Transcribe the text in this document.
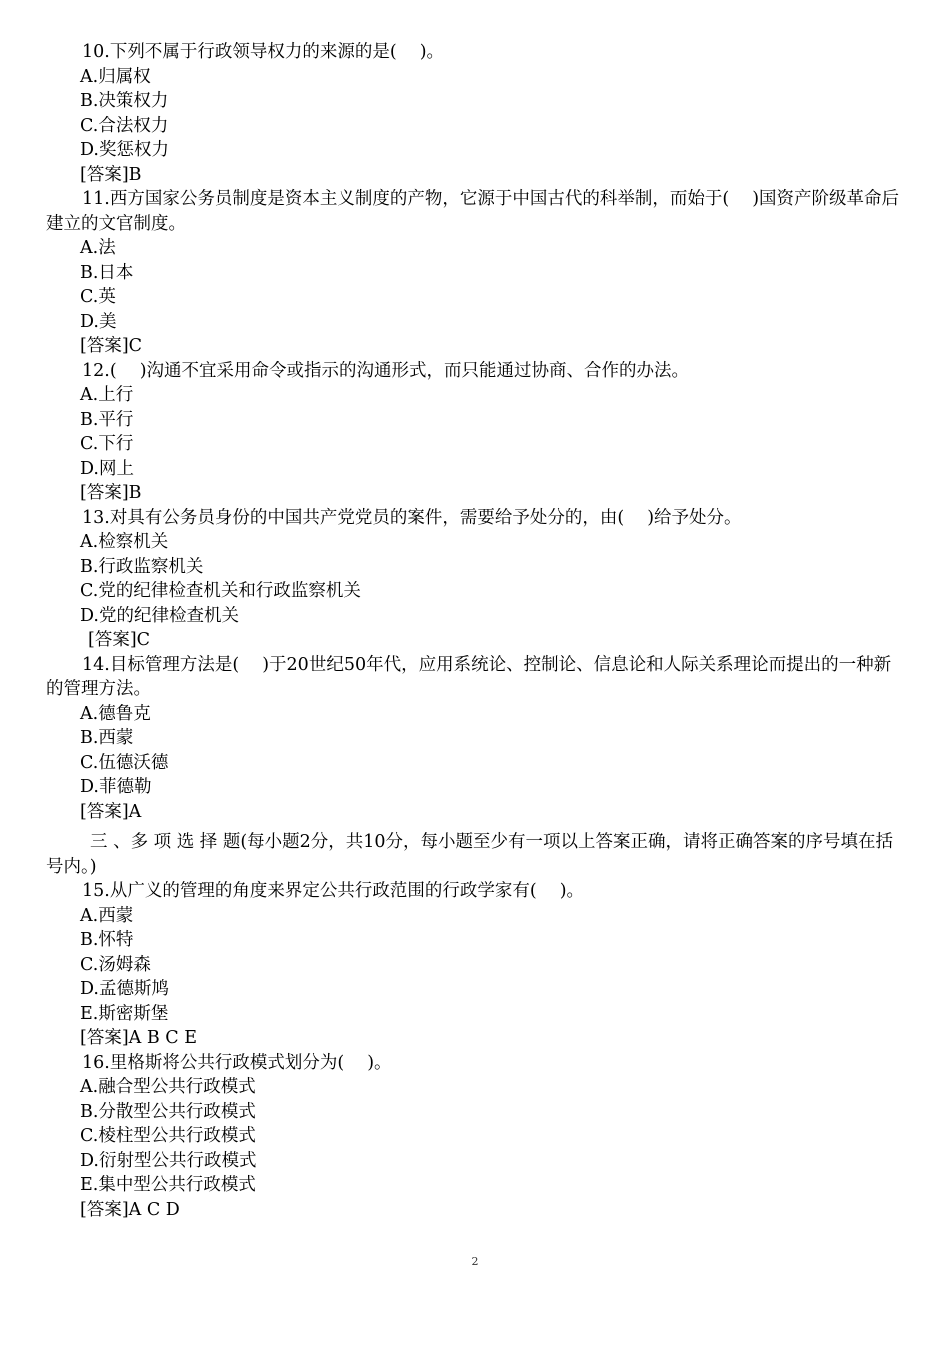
10.下列不属于行政领导权力的来源的是(　 )。
A.归属权
B.决策权力
C.合法权力
D.奖惩权力
[答案]B
11.西方国家公务员制度是资本主义制度的产物，它源于中国古代的科举制，而始于(　 )国资产阶级革命后建立的文官制度。
A.法
B.日本
C.英
D.美
[答案]C
12.(　 )沟通不宜采用命令或指示的沟通形式，而只能通过协商、合作的办法。
A.上行
B.平行
C.下行
D.网上
[答案]B
13.对具有公务员身份的中国共产党党员的案件，需要给予处分的，由(　 )给予处分。
A.检察机关
B.行政监察机关
C.党的纪律检查机关和行政监察机关
D.党的纪律检查机关
[答案]C
14.目标管理方法是(　 )于20世纪50年代，应用系统论、控制论、信息论和人际关系理论而提出的一种新的管理方法。
A.德鲁克
B.西蒙
C.伍德沃德
D.菲德勒
[答案]A
三 、多 项 选 择 题(每小题2分，共10分，每小题至少有一项以上答案正确，请将正确答案的序号填在括号内。)
15.从广义的管理的角度来界定公共行政范围的行政学家有(　 )。
A.西蒙
B.怀特
C.汤姆森
D.孟德斯鸠
E.斯密斯堡
[答案]A B C E
16.里格斯将公共行政模式划分为(　 )。
A.融合型公共行政模式
B.分散型公共行政模式
C.棱柱型公共行政模式
D.衍射型公共行政模式
E.集中型公共行政模式
[答案]A C D
2
